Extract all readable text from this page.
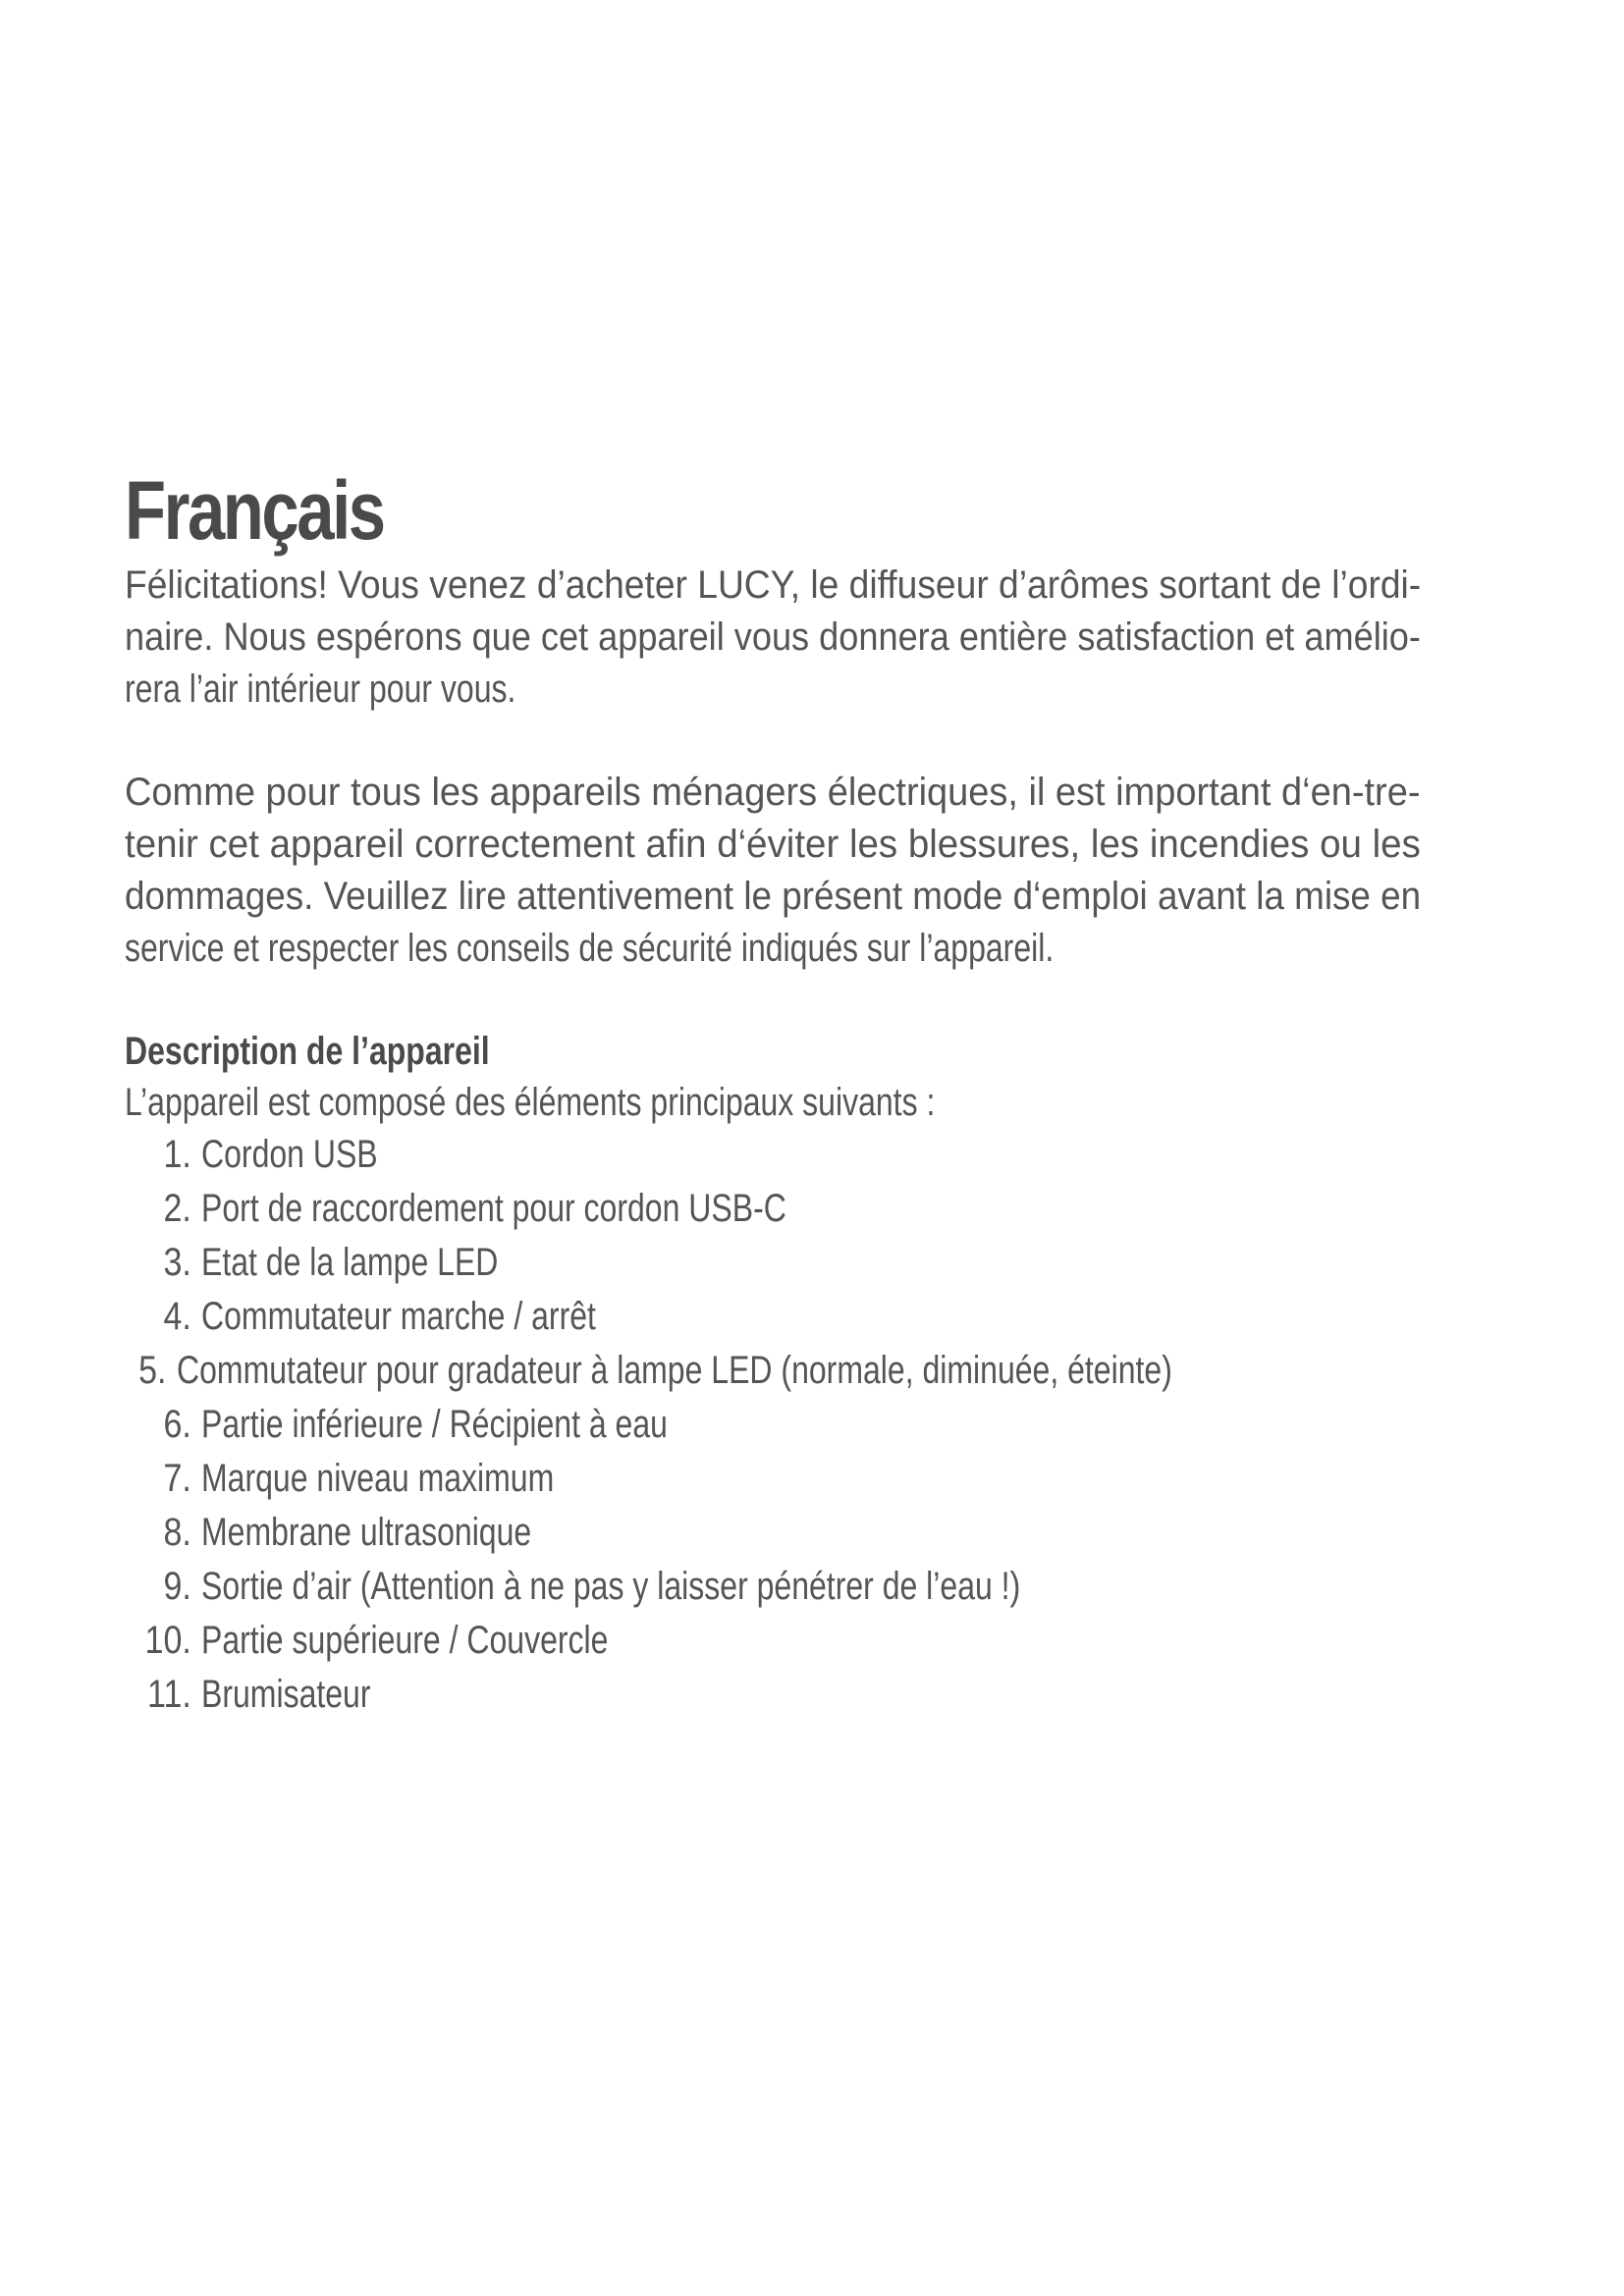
Français

Félicitations! Vous venez d’acheter LUCY, le diffuseur d’arômes sortant de l’ordi-
naire. Nous espérons que cet appareil vous donnera entière satisfaction et amélio-
rera l’air intérieur pour vous.

Comme pour tous les appareils ménagers électriques, il est important d‘en-tre-
tenir cet appareil correctement afin d‘éviter les blessures, les incendies ou les
dommages. Veuillez lire attentivement le présent mode d‘emploi avant la mise en
service et respecter les conseils de sécurité indiqués sur l’appareil.

Description de l’appareil

L’appareil est composé des éléments principaux suivants :

1. Cordon USB
2. Port de raccordement pour cordon USB-C
3. Etat de la lampe LED
4. Commutateur marche / arrêt
5. Commutateur pour gradateur à lampe LED (normale, diminuée, éteinte)
6. Partie inférieure / Récipient à eau
7. Marque niveau maximum
8. Membrane ultrasonique
9. Sortie d’air (Attention à ne pas y laisser pénétrer de l’eau !)
10. Partie supérieure / Couvercle
11. Brumisateur
